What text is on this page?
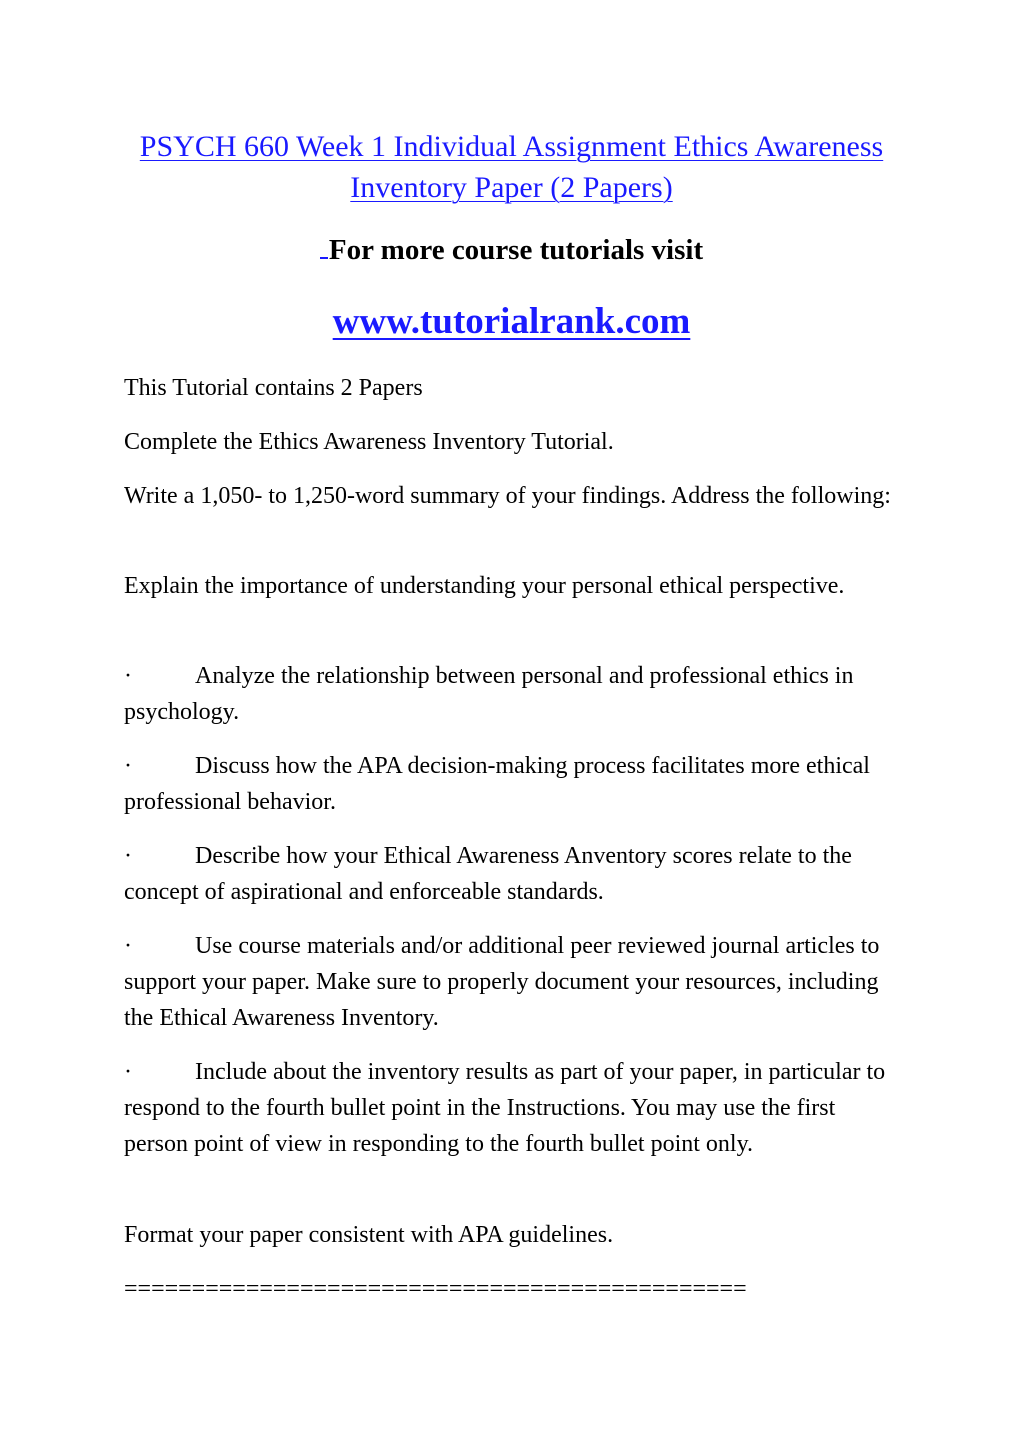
PSYCH 660 Week 1 Individual Assignment Ethics Awareness Inventory Paper (2 Papers)
For more course tutorials visit
www.tutorialrank.com

This Tutorial contains 2 Papers

Complete the Ethics Awareness Inventory Tutorial.

Write a 1,050- to 1,250-word summary of your findings. Address the following:

Explain the importance of understanding your personal ethical perspective.

·	Analyze the relationship between personal and professional ethics in psychology.

·	Discuss how the APA decision-making process facilitates more ethical professional behavior.

·	Describe how your Ethical Awareness Anventory scores relate to the concept of aspirational and enforceable standards.

·	Use course materials and/or additional peer reviewed journal articles to support your paper. Make sure to properly document your resources, including the Ethical Awareness Inventory.

·	Include about the inventory results as part of your paper, in particular to respond to the fourth bullet point in the Instructions. You may use the first person point of view in responding to the fourth bullet point only.

Format your paper consistent with APA guidelines.

==============================================
